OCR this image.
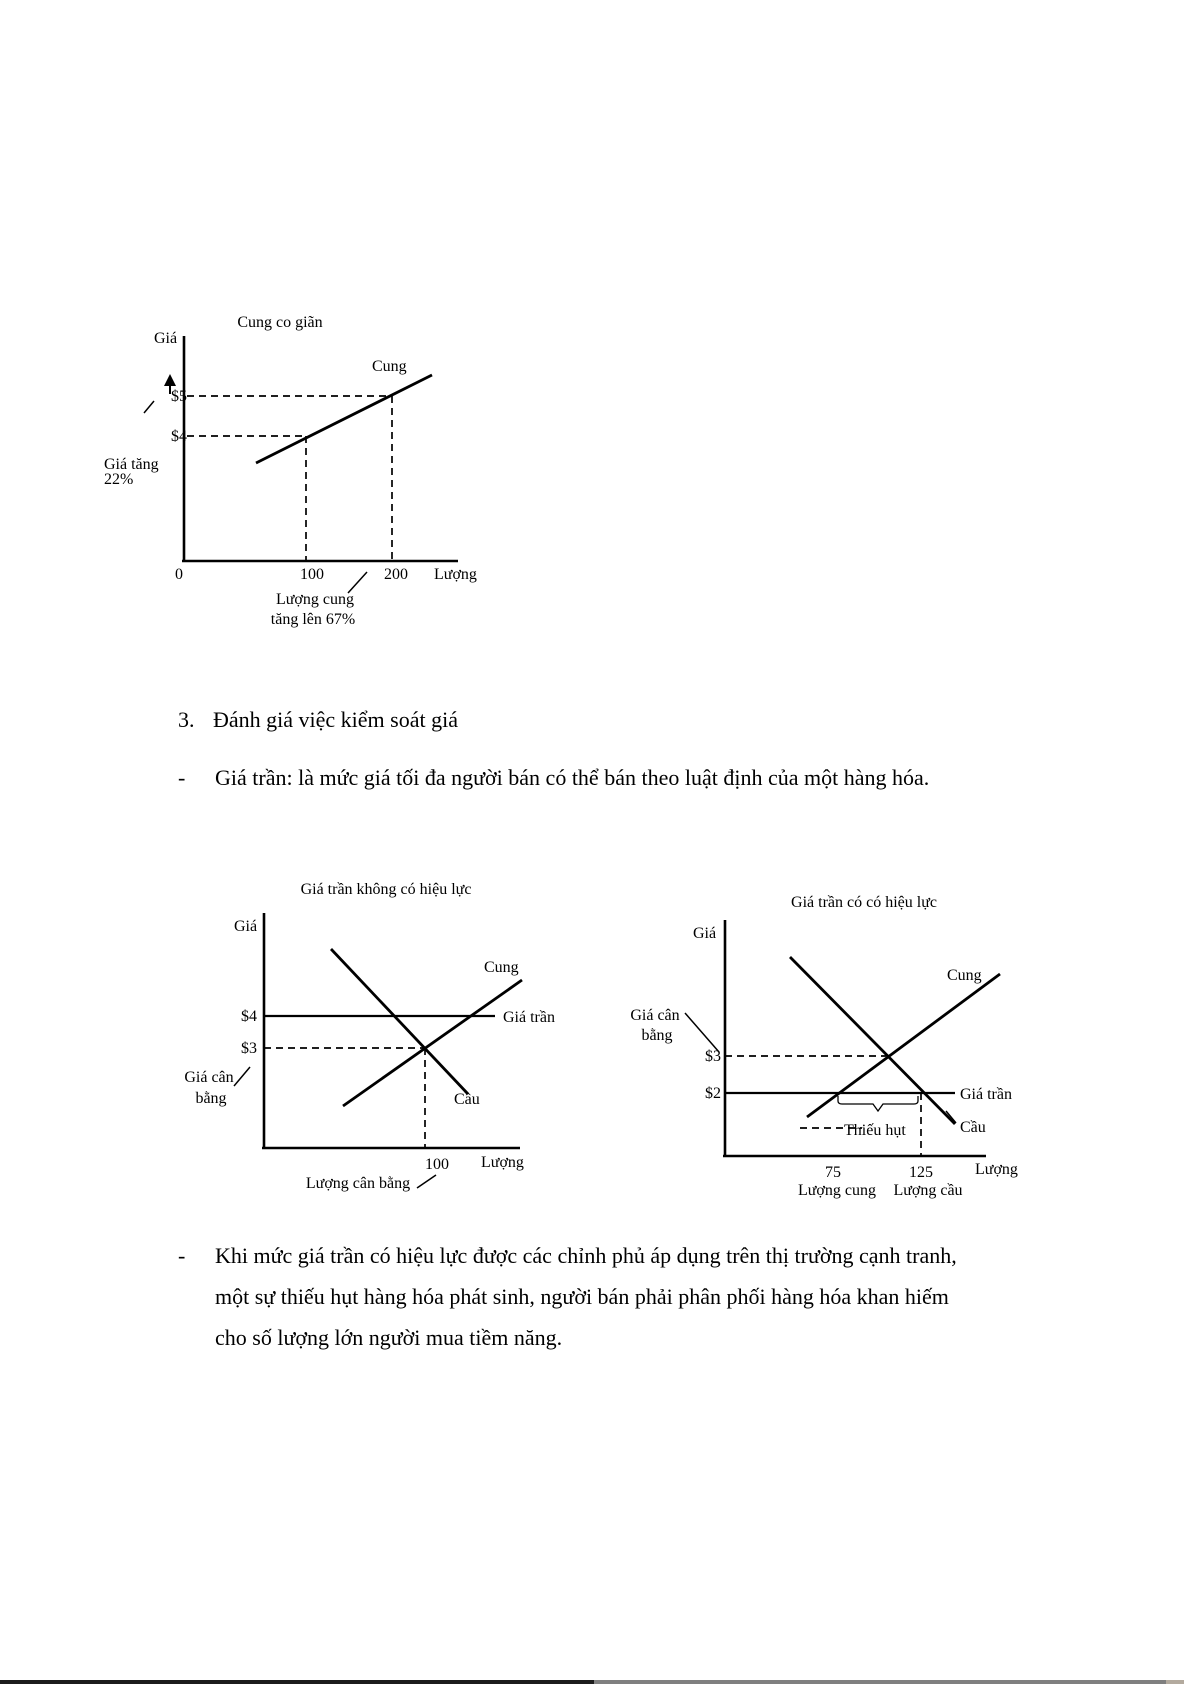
Cung co giãn
Giá
Cung
$5
$4
Giá tăng
22%
0	100	200 Lượng
Lượng cung
tăng lên 67%
3. Đánh giá việc kiểm soát giá
- Giá trần: là mức giá tối đa người bán có thể bán theo luật định của một hàng hóa.
Giá trần không có hiệu lực
Giá
Cung
Cầu
$4	Giá trần
$3
Giá cân
bằng
100 Lượng
Lượng cân bằng
Giá trần có có hiệu lực
Giá
Cung
Cầu
Giá cân
bằng
$3
$2	Giá trần
Thiếu hụt
75	125	Lượng
Lượng cung Lượng cầu
- Khi mức giá trần có hiệu lực được các chỉnh phủ áp dụng trên thị trường cạnh tranh,
một sự thiếu hụt hàng hóa phát sinh, người bán phải phân phối hàng hóa khan hiếm
cho số lượng lớn người mua tiềm năng.
